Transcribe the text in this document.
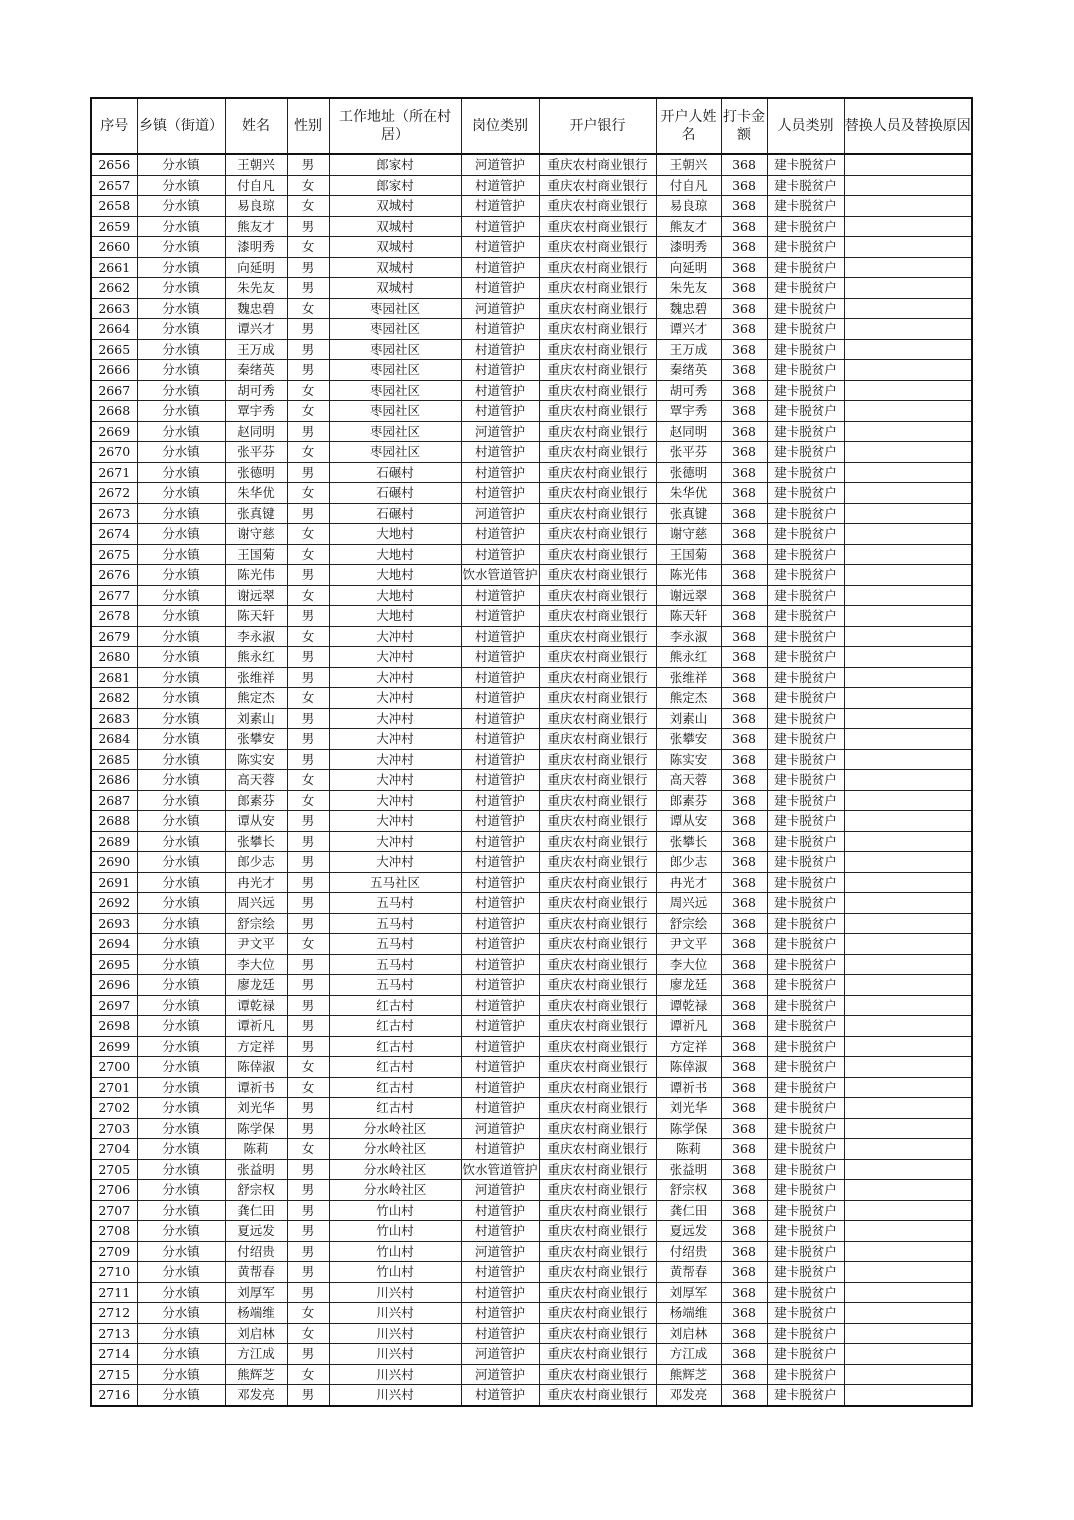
序号	乡镇（街道）	姓名	性别	工作地址（所在村居）	岗位类别	开户银行	开户人姓名	打卡金额	人员类别	替换人员及替换原因
2656	分水镇	王朝兴	男	郎家村	河道管护	重庆农村商业银行	王朝兴	368	建卡脱贫户	
2657	分水镇	付自凡	女	郎家村	村道管护	重庆农村商业银行	付自凡	368	建卡脱贫户	
2658	分水镇	易良琼	女	双城村	村道管护	重庆农村商业银行	易良琼	368	建卡脱贫户	
2659	分水镇	熊友才	男	双城村	村道管护	重庆农村商业银行	熊友才	368	建卡脱贫户	
2660	分水镇	漆明秀	女	双城村	村道管护	重庆农村商业银行	漆明秀	368	建卡脱贫户	
2661	分水镇	向延明	男	双城村	村道管护	重庆农村商业银行	向延明	368	建卡脱贫户	
2662	分水镇	朱先友	男	双城村	村道管护	重庆农村商业银行	朱先友	368	建卡脱贫户	
2663	分水镇	魏忠碧	女	枣园社区	河道管护	重庆农村商业银行	魏忠碧	368	建卡脱贫户	
2664	分水镇	谭兴才	男	枣园社区	村道管护	重庆农村商业银行	谭兴才	368	建卡脱贫户	
2665	分水镇	王万成	男	枣园社区	村道管护	重庆农村商业银行	王万成	368	建卡脱贫户	
2666	分水镇	秦绪英	男	枣园社区	村道管护	重庆农村商业银行	秦绪英	368	建卡脱贫户	
2667	分水镇	胡可秀	女	枣园社区	村道管护	重庆农村商业银行	胡可秀	368	建卡脱贫户	
2668	分水镇	覃宇秀	女	枣园社区	村道管护	重庆农村商业银行	覃宇秀	368	建卡脱贫户	
2669	分水镇	赵同明	男	枣园社区	河道管护	重庆农村商业银行	赵同明	368	建卡脱贫户	
2670	分水镇	张平芬	女	枣园社区	村道管护	重庆农村商业银行	张平芬	368	建卡脱贫户	
2671	分水镇	张德明	男	石碾村	村道管护	重庆农村商业银行	张德明	368	建卡脱贫户	
2672	分水镇	朱华优	女	石碾村	村道管护	重庆农村商业银行	朱华优	368	建卡脱贫户	
2673	分水镇	张真键	男	石碾村	河道管护	重庆农村商业银行	张真键	368	建卡脱贫户	
2674	分水镇	谢守慈	女	大地村	村道管护	重庆农村商业银行	谢守慈	368	建卡脱贫户	
2675	分水镇	王国菊	女	大地村	村道管护	重庆农村商业银行	王国菊	368	建卡脱贫户	
2676	分水镇	陈光伟	男	大地村	饮水管道管护	重庆农村商业银行	陈光伟	368	建卡脱贫户	
2677	分水镇	谢远翠	女	大地村	村道管护	重庆农村商业银行	谢远翠	368	建卡脱贫户	
2678	分水镇	陈天轩	男	大地村	村道管护	重庆农村商业银行	陈天轩	368	建卡脱贫户	
2679	分水镇	李永淑	女	大冲村	村道管护	重庆农村商业银行	李永淑	368	建卡脱贫户	
2680	分水镇	熊永红	男	大冲村	村道管护	重庆农村商业银行	熊永红	368	建卡脱贫户	
2681	分水镇	张维祥	男	大冲村	村道管护	重庆农村商业银行	张维祥	368	建卡脱贫户	
2682	分水镇	熊定杰	女	大冲村	村道管护	重庆农村商业银行	熊定杰	368	建卡脱贫户	
2683	分水镇	刘素山	男	大冲村	村道管护	重庆农村商业银行	刘素山	368	建卡脱贫户	
2684	分水镇	张攀安	男	大冲村	村道管护	重庆农村商业银行	张攀安	368	建卡脱贫户	
2685	分水镇	陈实安	男	大冲村	村道管护	重庆农村商业银行	陈实安	368	建卡脱贫户	
2686	分水镇	高天蓉	女	大冲村	村道管护	重庆农村商业银行	高天蓉	368	建卡脱贫户	
2687	分水镇	郎素芬	女	大冲村	村道管护	重庆农村商业银行	郎素芬	368	建卡脱贫户	
2688	分水镇	谭从安	男	大冲村	村道管护	重庆农村商业银行	谭从安	368	建卡脱贫户	
2689	分水镇	张攀长	男	大冲村	村道管护	重庆农村商业银行	张攀长	368	建卡脱贫户	
2690	分水镇	郎少志	男	大冲村	村道管护	重庆农村商业银行	郎少志	368	建卡脱贫户	
2691	分水镇	冉光才	男	五马社区	村道管护	重庆农村商业银行	冉光才	368	建卡脱贫户	
2692	分水镇	周兴远	男	五马村	村道管护	重庆农村商业银行	周兴远	368	建卡脱贫户	
2693	分水镇	舒宗绘	男	五马村	村道管护	重庆农村商业银行	舒宗绘	368	建卡脱贫户	
2694	分水镇	尹文平	女	五马村	村道管护	重庆农村商业银行	尹文平	368	建卡脱贫户	
2695	分水镇	李大位	男	五马村	村道管护	重庆农村商业银行	李大位	368	建卡脱贫户	
2696	分水镇	廖龙廷	男	五马村	村道管护	重庆农村商业银行	廖龙廷	368	建卡脱贫户	
2697	分水镇	谭乾禄	男	红古村	村道管护	重庆农村商业银行	谭乾禄	368	建卡脱贫户	
2698	分水镇	谭祈凡	男	红古村	村道管护	重庆农村商业银行	谭祈凡	368	建卡脱贫户	
2699	分水镇	方定祥	男	红古村	村道管护	重庆农村商业银行	方定祥	368	建卡脱贫户	
2700	分水镇	陈倖淑	女	红古村	村道管护	重庆农村商业银行	陈倖淑	368	建卡脱贫户	
2701	分水镇	谭祈书	女	红古村	村道管护	重庆农村商业银行	谭祈书	368	建卡脱贫户	
2702	分水镇	刘光华	男	红古村	村道管护	重庆农村商业银行	刘光华	368	建卡脱贫户	
2703	分水镇	陈学保	男	分水岭社区	河道管护	重庆农村商业银行	陈学保	368	建卡脱贫户	
2704	分水镇	陈莉	女	分水岭社区	村道管护	重庆农村商业银行	陈莉	368	建卡脱贫户	
2705	分水镇	张益明	男	分水岭社区	饮水管道管护	重庆农村商业银行	张益明	368	建卡脱贫户	
2706	分水镇	舒宗权	男	分水岭社区	河道管护	重庆农村商业银行	舒宗权	368	建卡脱贫户	
2707	分水镇	龚仁田	男	竹山村	村道管护	重庆农村商业银行	龚仁田	368	建卡脱贫户	
2708	分水镇	夏远发	男	竹山村	村道管护	重庆农村商业银行	夏远发	368	建卡脱贫户	
2709	分水镇	付绍贵	男	竹山村	河道管护	重庆农村商业银行	付绍贵	368	建卡脱贫户	
2710	分水镇	黄帮春	男	竹山村	村道管护	重庆农村商业银行	黄帮春	368	建卡脱贫户	
2711	分水镇	刘厚军	男	川兴村	村道管护	重庆农村商业银行	刘厚军	368	建卡脱贫户	
2712	分水镇	杨端维	女	川兴村	村道管护	重庆农村商业银行	杨端维	368	建卡脱贫户	
2713	分水镇	刘启林	女	川兴村	村道管护	重庆农村商业银行	刘启林	368	建卡脱贫户	
2714	分水镇	方江成	男	川兴村	河道管护	重庆农村商业银行	方江成	368	建卡脱贫户	
2715	分水镇	熊辉芝	女	川兴村	河道管护	重庆农村商业银行	熊辉芝	368	建卡脱贫户	
2716	分水镇	邓发亮	男	川兴村	村道管护	重庆农村商业银行	邓发亮	368	建卡脱贫户	
